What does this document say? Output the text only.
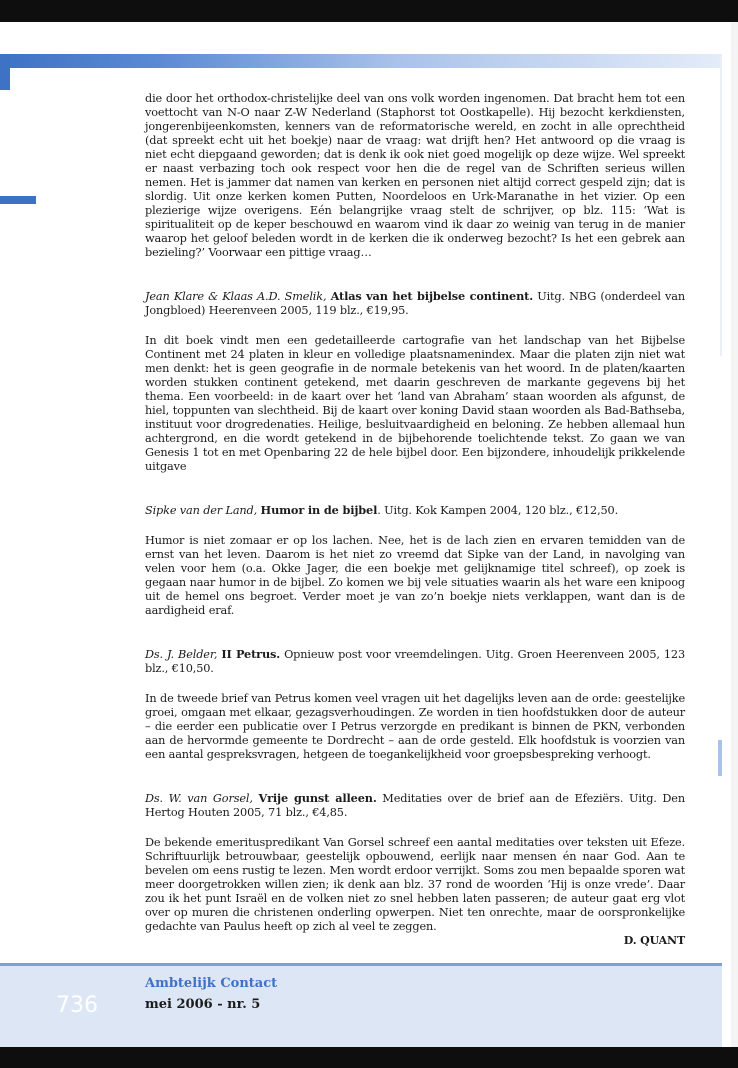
die door het orthodox-christelijke deel van ons volk worden ingenomen. Dat bracht hem tot een voettocht van N-O naar Z-W Nederland (Staphorst tot Oostkapelle). Hij bezocht kerkdiensten, jongerenbijeenkomsten, kenners van de reformatorische wereld, en zocht in alle oprechtheid (dat spreekt echt uit het boekje) naar de vraag: wat drijft hen? Het antwoord op die vraag is niet echt diepgaand geworden; dat is denk ik ook niet goed mogelijk op deze wijze. Wel spreekt er naast verbazing toch ook respect voor hen die de regel van de Schriften serieus willen nemen. Het is jammer dat namen van kerken en personen niet altijd correct gespeld zijn; dat is slordig. Uit onze kerken komen Putten, Noordeloos en Urk-Maranathe in het vizier. Op een plezierige wijze overigens. Eén belangrijke vraag stelt de schrijver, op blz. 115: ‘Wat is spiritualiteit op de keper beschouwd en waarom vind ik daar zo weinig van terug in de manier waarop het geloof beleden wordt in de kerken die ik onderweg bezocht? Is het een gebrek aan bezieling?’ Voorwaar een pittige vraag…

Jean Klare & Klaas A.D. Smelik, Atlas van het bijbelse continent. Uitg. NBG (onderdeel van Jongbloed) Heerenveen 2005, 119 blz., €19,95.

In dit boek vindt men een gedetailleerde cartografie van het landschap van het Bijbelse Continent met 24 platen in kleur en volledige plaatsnamenindex. Maar die platen zijn niet wat men denkt: het is geen geografie in de normale betekenis van het woord. In de platen/kaarten worden stukken continent getekend, met daarin geschreven de markante gegevens bij het thema. Een voorbeeld: in de kaart over het ‘land van Abraham’ staan woorden als afgunst, de hiel, toppunten van slechtheid. Bij de kaart over koning David staan woorden als Bad-Bathseba, instituut voor drogredenaties. Heilige, besluitvaardigheid en beloning. Ze hebben allemaal hun achtergrond, en die wordt getekend in de bijbehorende toelichtende tekst. Zo gaan we van Genesis 1 tot en met Openbaring 22 de hele bijbel door. Een bijzondere, inhoudelijk prikkelende uitgave

Sipke van der Land, Humor in de bijbel. Uitg. Kok Kampen 2004, 120 blz., €12,50.

Humor is niet zomaar er op los lachen. Nee, het is de lach zien en ervaren temidden van de ernst van het leven. Daarom is het niet zo vreemd dat Sipke van der Land, in navolging van velen voor hem (o.a. Okke Jager, die een boekje met gelijknamige titel schreef), op zoek is gegaan naar humor in de bijbel. Zo komen we bij vele situaties waarin als het ware een knipoog uit de hemel ons begroet. Verder moet je van zo’n boekje niets verklappen, want dan is de aardigheid eraf.

Ds. J. Belder, II Petrus. Opnieuw post voor vreemdelingen. Uitg. Groen Heerenveen 2005, 123 blz., €10,50.

In de tweede brief van Petrus komen veel vragen uit het dagelijks leven aan de orde: geestelijke groei, omgaan met elkaar, gezagsverhoudingen. Ze worden in tien hoofdstukken door de auteur – die eerder een publicatie over I Petrus verzorgde en predikant is binnen de PKN, verbonden aan de hervormde gemeente te Dordrecht – aan de orde gesteld. Elk hoofdstuk is voorzien van een aantal gespreksvragen, hetgeen de toegankelijkheid voor groepsbespreking verhoogt.

Ds. W. van Gorsel, Vrije gunst alleen. Meditaties over de brief aan de Efeziërs. Uitg. Den Hertog Houten 2005, 71 blz., €4,85.

De bekende emerituspredikant Van Gorsel schreef een aantal meditaties over teksten uit Efeze. Schriftuurlijk betrouwbaar, geestelijk opbouwend, eerlijk naar mensen én naar God. Aan te bevelen om eens rustig te lezen. Men wordt erdoor verrijkt. Soms zou men bepaalde sporen wat meer doorgetrokken willen zien; ik denk aan blz. 37 rond de woorden ‘Hij is onze vrede’. Daar zou ik het punt Israël en de volken niet zo snel hebben laten passeren; de auteur gaat erg vlot over op muren die christenen onderling opwerpen. Niet ten onrechte, maar de oorspronkelijke gedachte van Paulus heeft op zich al veel te zeggen.

D. QUANT

736
Ambtelijk Contact
mei 2006 - nr. 5
